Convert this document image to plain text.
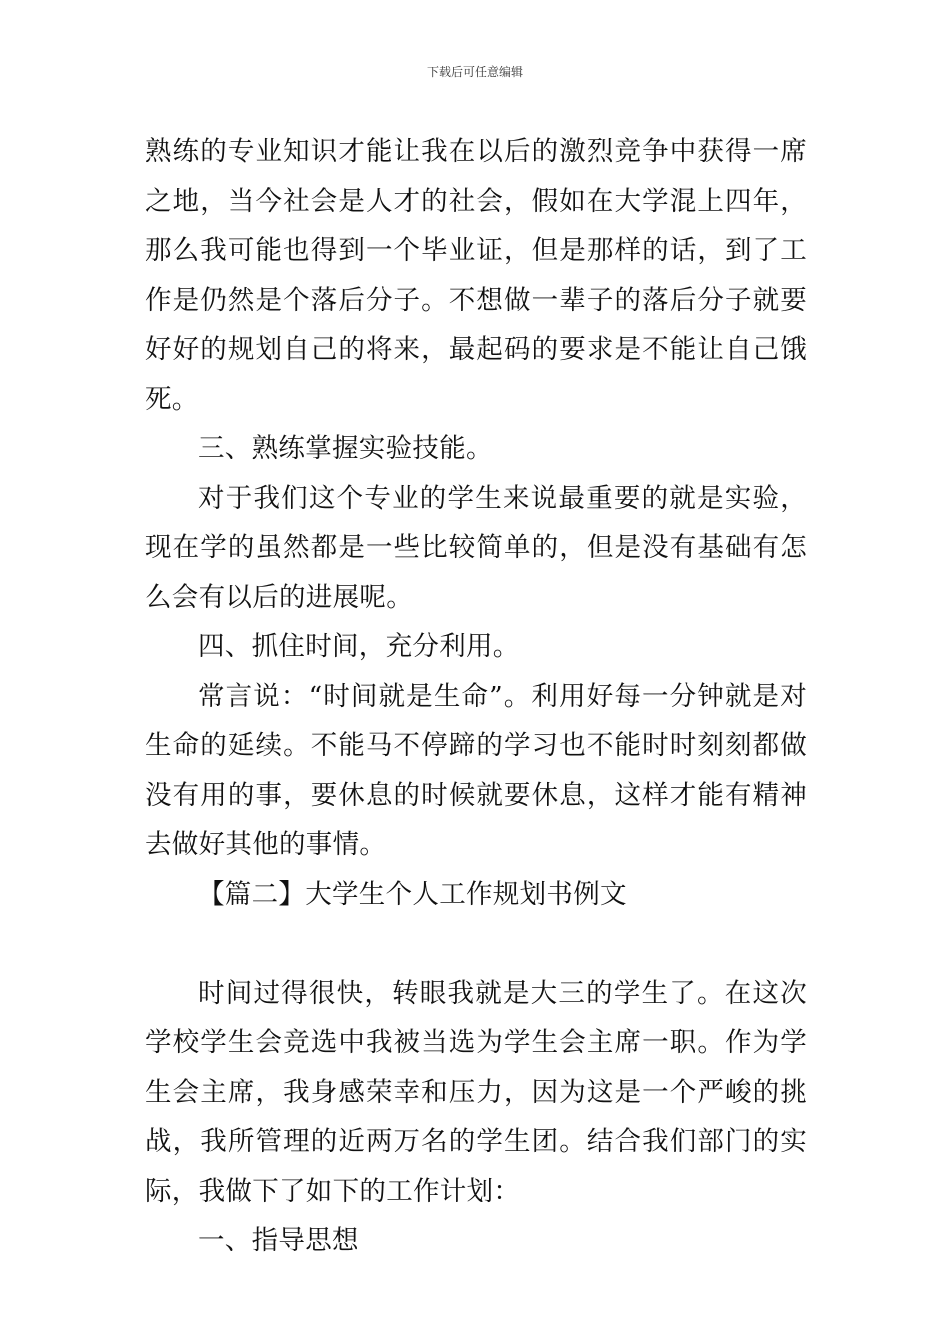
下载后可任意编辑

熟练的专业知识才能让我在以后的激烈竞争中获得一席之地，当今社会是人才的社会，假如在大学混上四年，那么我可能也得到一个毕业证，但是那样的话，到了工作是仍然是个落后分子。不想做一辈子的落后分子就要好好的规划自己的将来，最起码的要求是不能让自己饿死。

三、熟练掌握实验技能。

对于我们这个专业的学生来说最重要的就是实验，现在学的虽然都是一些比较简单的，但是没有基础有怎么会有以后的进展呢。

四、抓住时间，充分利用。

常言说：“时间就是生命”。利用好每一分钟就是对生命的延续。不能马不停蹄的学习也不能时时刻刻都做没有用的事，要休息的时候就要休息，这样才能有精神去做好其他的事情。

【篇二】大学生个人工作规划书例文

时间过得很快，转眼我就是大三的学生了。在这次学校学生会竞选中我被当选为学生会主席一职。作为学生会主席，我身感荣幸和压力，因为这是一个严峻的挑战，我所管理的近两万名的学生团。结合我们部门的实际，我做下了如下的工作计划：

一、指导思想
